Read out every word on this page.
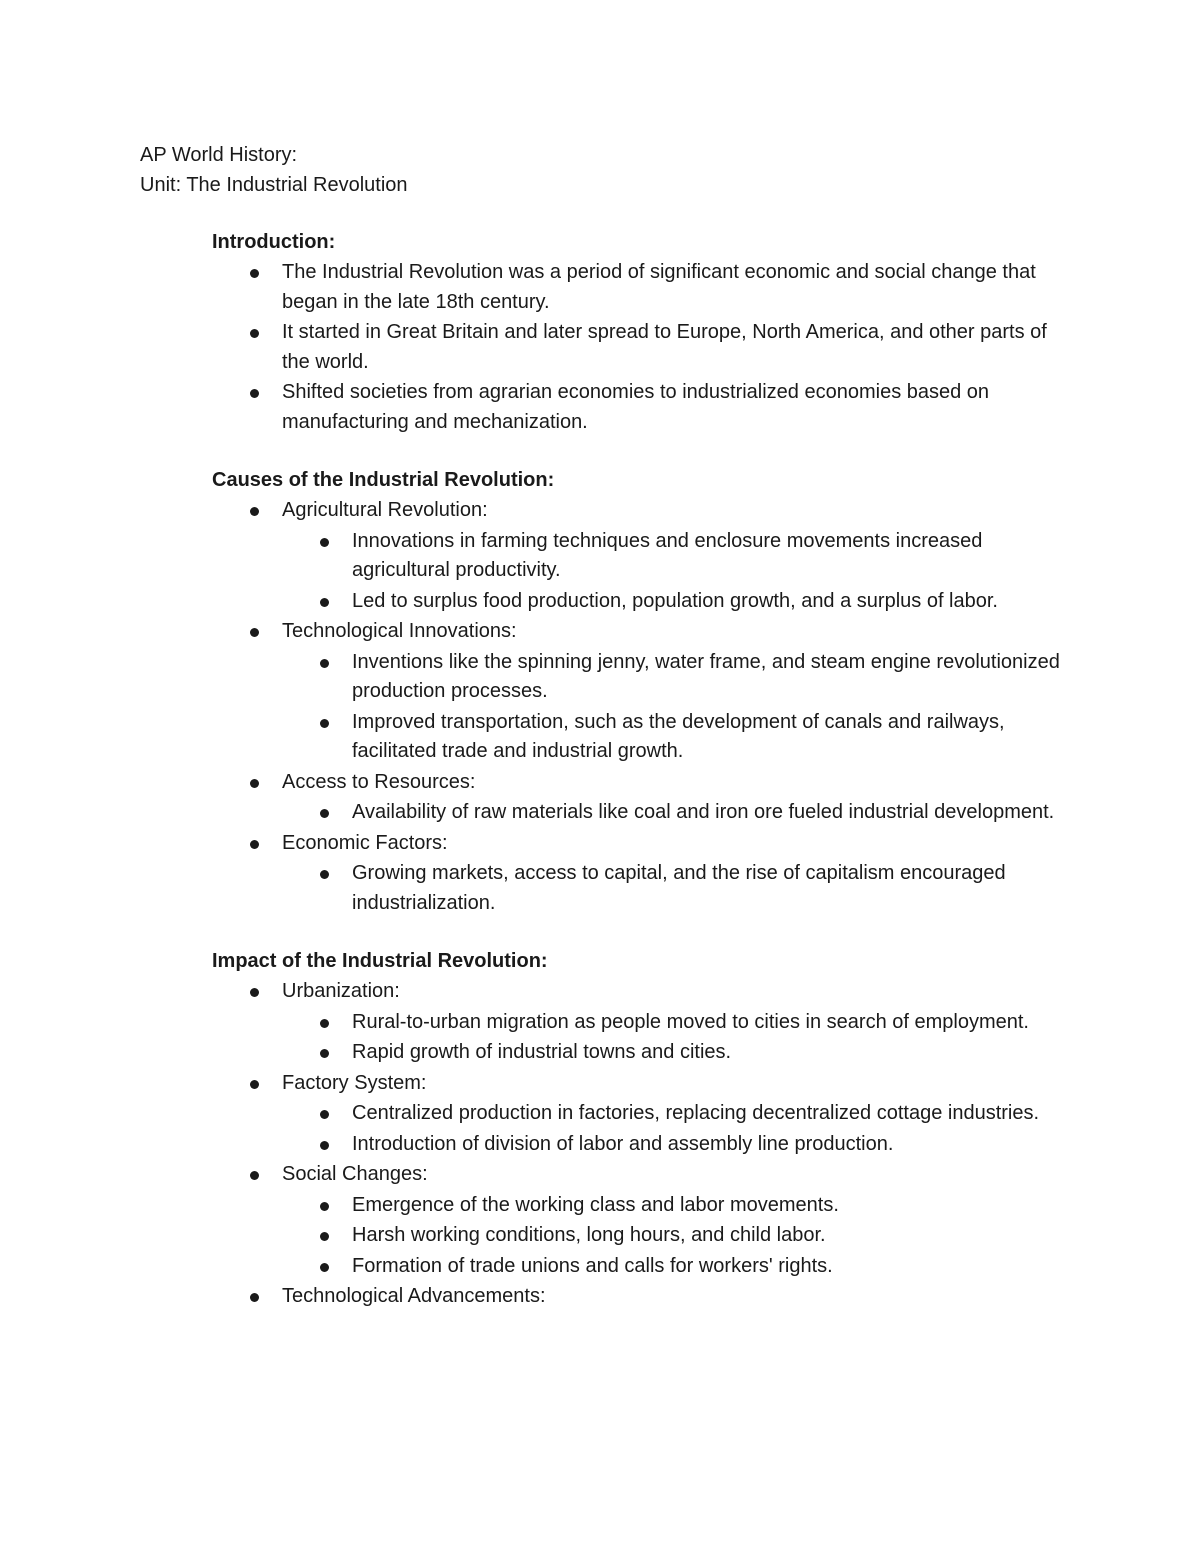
AP World History:
Unit: The Industrial Revolution
Introduction:
The Industrial Revolution was a period of significant economic and social change that began in the late 18th century.
It started in Great Britain and later spread to Europe, North America, and other parts of the world.
Shifted societies from agrarian economies to industrialized economies based on manufacturing and mechanization.
Causes of the Industrial Revolution:
Agricultural Revolution:
Innovations in farming techniques and enclosure movements increased agricultural productivity.
Led to surplus food production, population growth, and a surplus of labor.
Technological Innovations:
Inventions like the spinning jenny, water frame, and steam engine revolutionized production processes.
Improved transportation, such as the development of canals and railways, facilitated trade and industrial growth.
Access to Resources:
Availability of raw materials like coal and iron ore fueled industrial development.
Economic Factors:
Growing markets, access to capital, and the rise of capitalism encouraged industrialization.
Impact of the Industrial Revolution:
Urbanization:
Rural-to-urban migration as people moved to cities in search of employment.
Rapid growth of industrial towns and cities.
Factory System:
Centralized production in factories, replacing decentralized cottage industries.
Introduction of division of labor and assembly line production.
Social Changes:
Emergence of the working class and labor movements.
Harsh working conditions, long hours, and child labor.
Formation of trade unions and calls for workers' rights.
Technological Advancements:
